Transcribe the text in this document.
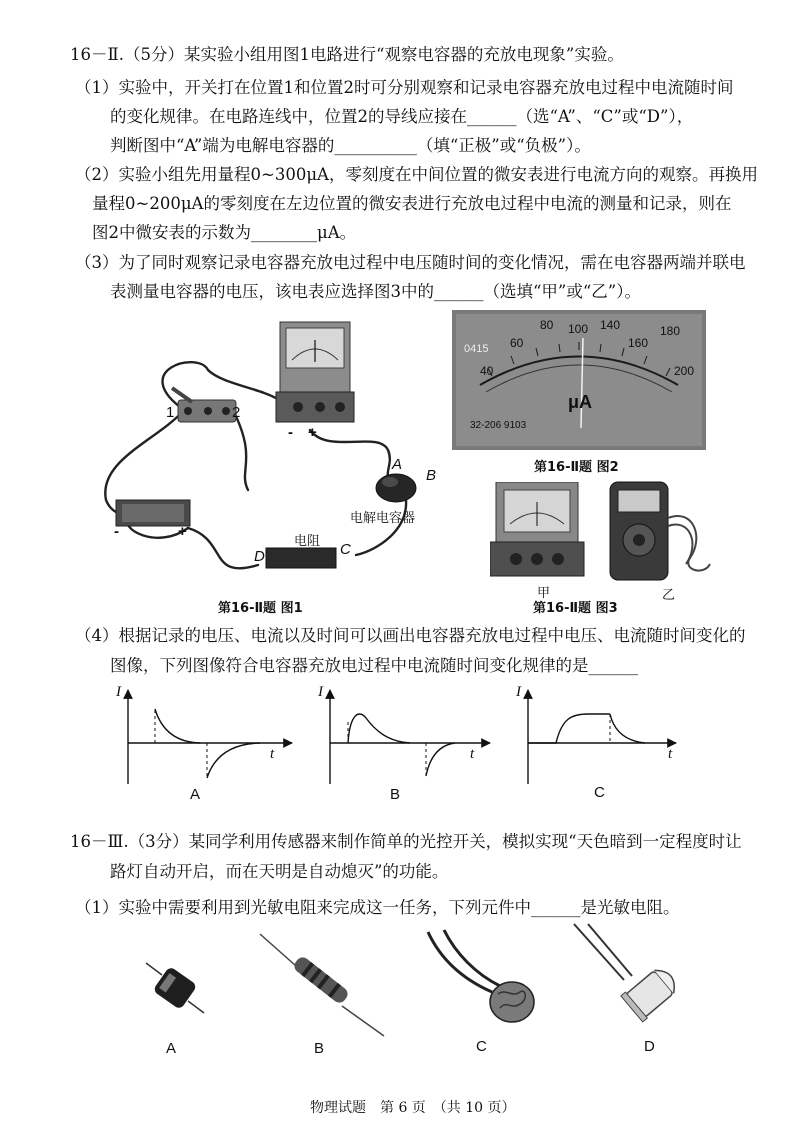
16－Ⅱ.（5分）某实验小组用图1电路进行“观察电容器的充放电现象”实验。
（1）实验中，开关打在位置1和位置2时可分别观察和记录电容器充放电过程中电流随时间
的变化规律。在电路连线中，位置2的导线应接在______（选“A”、“C”或“D”），
判断图中“A”端为电解电容器的__________（填“正极”或“负极”）。
（2）实验小组先用量程0~300μA，零刻度在中间位置的微安表进行电流方向的观察。再换用
量程0~200μA的零刻度在左边位置的微安表进行充放电过程中电流的测量和记录，则在
图2中微安表的示数为________μA。
（3）为了同时观察记录电容器充放电过程中电压随时间的变化情况，需在电容器两端并联电
表测量电容器的电压，该电表应选择图3中的______（选填“甲”或“乙”）。
1	2
- +
-	+
A
B
电解电容器
电阻
D	C
第16-Ⅱ题 图1
0415
40
60
80 100 140
160
180
200
μA
32-206 9103
第16-Ⅱ题 图2
甲	乙
第16-Ⅱ题 图3
（4）根据记录的电压、电流以及时间可以画出电容器充放电过程中电压、电流随时间变化的
图像，下列图像符合电容器充放电过程中电流随时间变化规律的是______
I	I	I
t	t	t
A	B	C
16－Ⅲ.（3分）某同学利用传感器来制作简单的光控开关，模拟实现“天色暗到一定程度时让
路灯自动开启，而在天明是自动熄灭”的功能。
（1）实验中需要利用到光敏电阻来完成这一任务，下列元件中______是光敏电阻。
A	B	C	D
物理试题　第 6 页　（共 10 页）
